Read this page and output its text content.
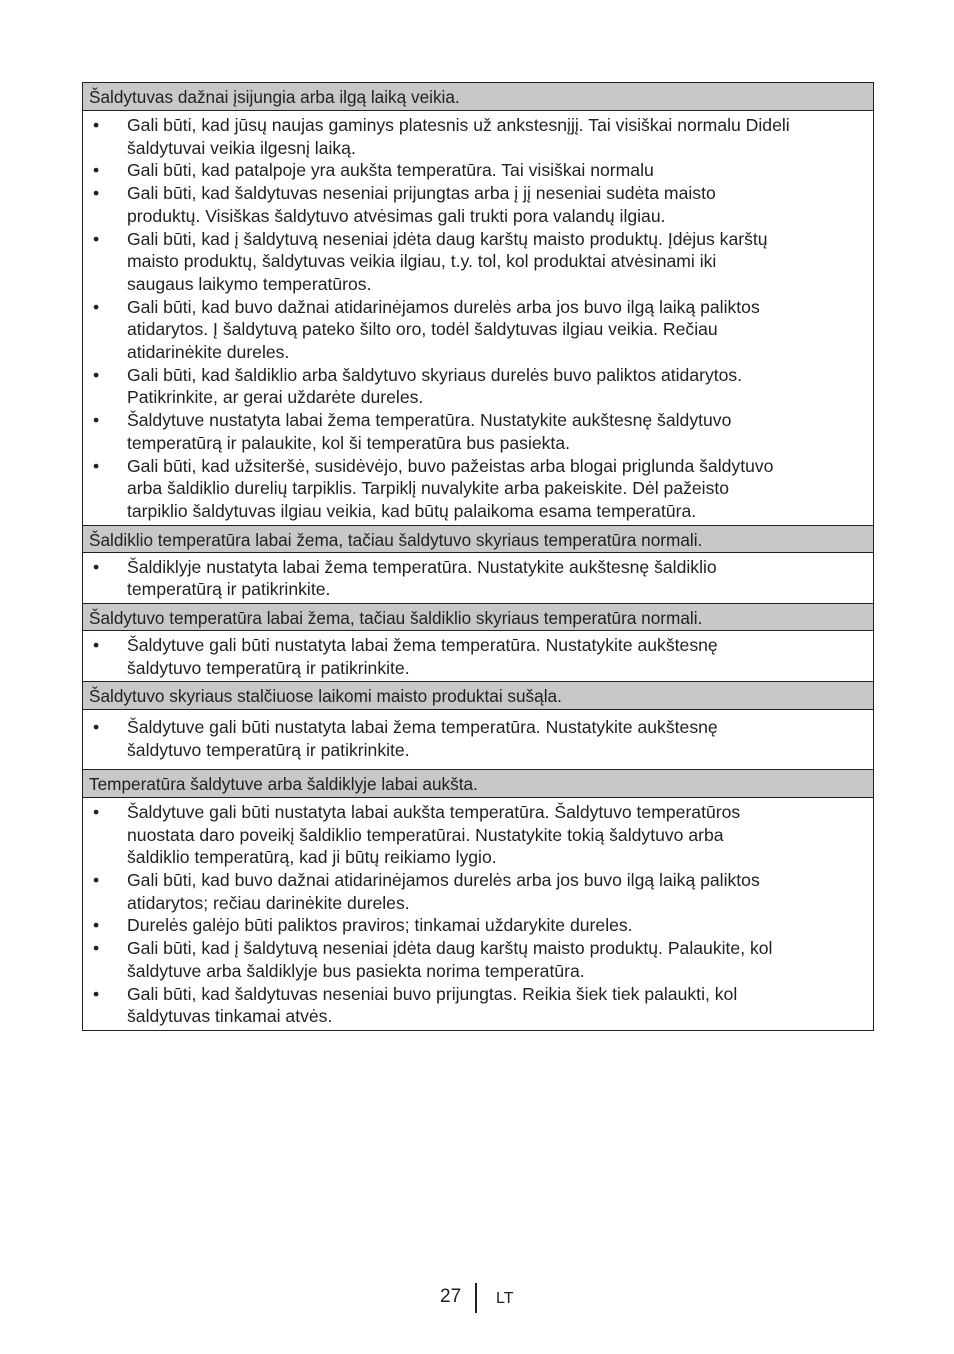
Šaldytuvas dažnai įsijungia arba ilgą laiką veikia.
• Gali būti, kad jūsų naujas gaminys platesnis už ankstesnįjį. Tai visiškai normalu Dideli
šaldytuvai veikia ilgesnį laiką.
• Gali būti, kad patalpoje yra aukšta temperatūra. Tai visiškai normalu
• Gali būti, kad šaldytuvas neseniai prijungtas arba į jį neseniai sudėta maisto
produktų. Visiškas šaldytuvo atvėsimas gali trukti pora valandų ilgiau.
• Gali būti, kad į šaldytuvą neseniai įdėta daug karštų maisto produktų. Įdėjus karštų
maisto produktų, šaldytuvas veikia ilgiau, t.y. tol, kol produktai atvėsinami iki
saugaus laikymo temperatūros.
• Gali būti, kad buvo dažnai atidarinėjamos durelės arba jos buvo ilgą laiką paliktos
atidarytos. Į šaldytuvą pateko šilto oro, todėl šaldytuvas ilgiau veikia. Rečiau
atidarinėkite dureles.
• Gali būti, kad šaldiklio arba šaldytuvo skyriaus durelės buvo paliktos atidarytos.
Patikrinkite, ar gerai uždarėte dureles.
• Šaldytuve nustatyta labai žema temperatūra. Nustatykite aukštesnę šaldytuvo
temperatūrą ir palaukite, kol ši temperatūra bus pasiekta.
• Gali būti, kad užsiteršė, susidėvėjo, buvo pažeistas arba blogai priglunda šaldytuvo
arba šaldiklio durelių tarpiklis. Tarpiklį nuvalykite arba pakeiskite. Dėl pažeisto
tarpiklio šaldytuvas ilgiau veikia, kad būtų palaikoma esama temperatūra.
Šaldiklio temperatūra labai žema, tačiau šaldytuvo skyriaus temperatūra normali.
• Šaldiklyje nustatyta labai žema temperatūra. Nustatykite aukštesnę šaldiklio
temperatūrą ir patikrinkite.
Šaldytuvo temperatūra labai žema, tačiau šaldiklio skyriaus temperatūra normali.
• Šaldytuve gali būti nustatyta labai žema temperatūra. Nustatykite aukštesnę
šaldytuvo temperatūrą ir patikrinkite.
Šaldytuvo skyriaus stalčiuose laikomi maisto produktai sušąla.
• Šaldytuve gali būti nustatyta labai žema temperatūra. Nustatykite aukštesnę
šaldytuvo temperatūrą ir patikrinkite.
Temperatūra šaldytuve arba šaldiklyje labai aukšta.
• Šaldytuve gali būti nustatyta labai aukšta temperatūra. Šaldytuvo temperatūros
nuostata daro poveikį šaldiklio temperatūrai. Nustatykite tokią šaldytuvo arba
šaldiklio temperatūrą, kad ji būtų reikiamo lygio.
• Gali būti, kad buvo dažnai atidarinėjamos durelės arba jos buvo ilgą laiką paliktos
atidarytos; rečiau darinėkite dureles.
• Durelės galėjo būti paliktos praviros; tinkamai uždarykite dureles.
• Gali būti, kad į šaldytuvą neseniai įdėta daug karštų maisto produktų. Palaukite, kol
šaldytuve arba šaldiklyje bus pasiekta norima temperatūra.
• Gali būti, kad šaldytuvas neseniai buvo prijungtas. Reikia šiek tiek palaukti, kol
šaldytuvas tinkamai atvės.
27 LT
